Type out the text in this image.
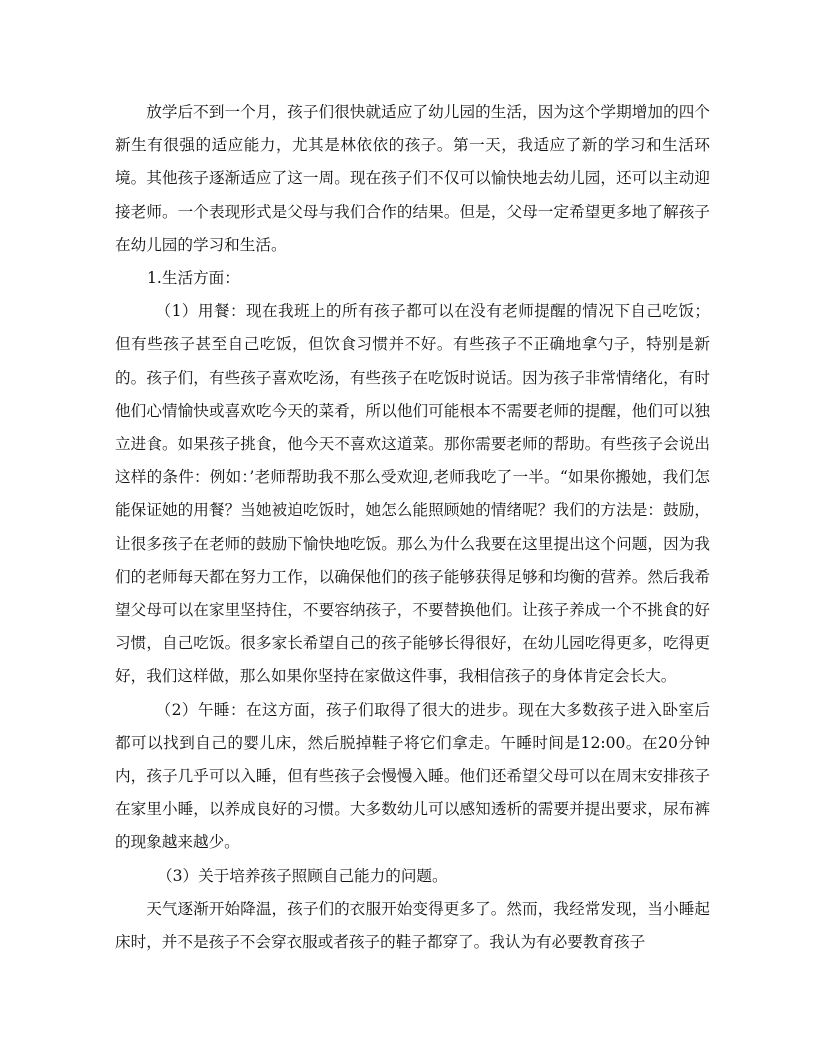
放学后不到一个月，孩子们很快就适应了幼儿园的生活，因为这个学期增加的四个新生有很强的适应能力，尤其是林依依的孩子。第一天，我适应了新的学习和生活环境。其他孩子逐渐适应了这一周。现在孩子们不仅可以愉快地去幼儿园，还可以主动迎接老师。一个表现形式是父母与我们合作的结果。但是，父母一定希望更多地了解孩子在幼儿园的学习和生活。

1.生活方面：

（1）用餐：现在我班上的所有孩子都可以在没有老师提醒的情况下自己吃饭；但有些孩子甚至自己吃饭，但饮食习惯并不好。有些孩子不正确地拿勺子，特别是新的。孩子们，有些孩子喜欢吃汤，有些孩子在吃饭时说话。因为孩子非常情绪化，有时他们心情愉快或喜欢吃今天的菜肴，所以他们可能根本不需要老师的提醒，他们可以独立进食。如果孩子挑食，他今天不喜欢这道菜。那你需要老师的帮助。有些孩子会说出这样的条件：例如：’老师帮助我不那么受欢迎,老师我吃了一半。“如果你搬她，我们怎能保证她的用餐？当她被迫吃饭时，她怎么能照顾她的情绪呢？我们的方法是：鼓励，让很多孩子在老师的鼓励下愉快地吃饭。那么为什么我要在这里提出这个问题，因为我们的老师每天都在努力工作，以确保他们的孩子能够获得足够和均衡的营养。然后我希望父母可以在家里坚持住，不要容纳孩子，不要替换他们。让孩子养成一个不挑食的好习惯，自己吃饭。很多家长希望自己的孩子能够长得很好，在幼儿园吃得更多，吃得更好，我们这样做，那么如果你坚持在家做这件事，我相信孩子的身体肯定会长大。

（2）午睡：在这方面，孩子们取得了很大的进步。现在大多数孩子进入卧室后都可以找到自己的婴儿床，然后脱掉鞋子将它们拿走。午睡时间是12:00。在20分钟内，孩子几乎可以入睡，但有些孩子会慢慢入睡。他们还希望父母可以在周末安排孩子在家里小睡，以养成良好的习惯。大多数幼儿可以感知透析的需要并提出要求，尿布裤的现象越来越少。

（3）关于培养孩子照顾自己能力的问题。

天气逐渐开始降温，孩子们的衣服开始变得更多了。然而，我经常发现，当小睡起床时，并不是孩子不会穿衣服或者孩子的鞋子都穿了。我认为有必要教育孩子
